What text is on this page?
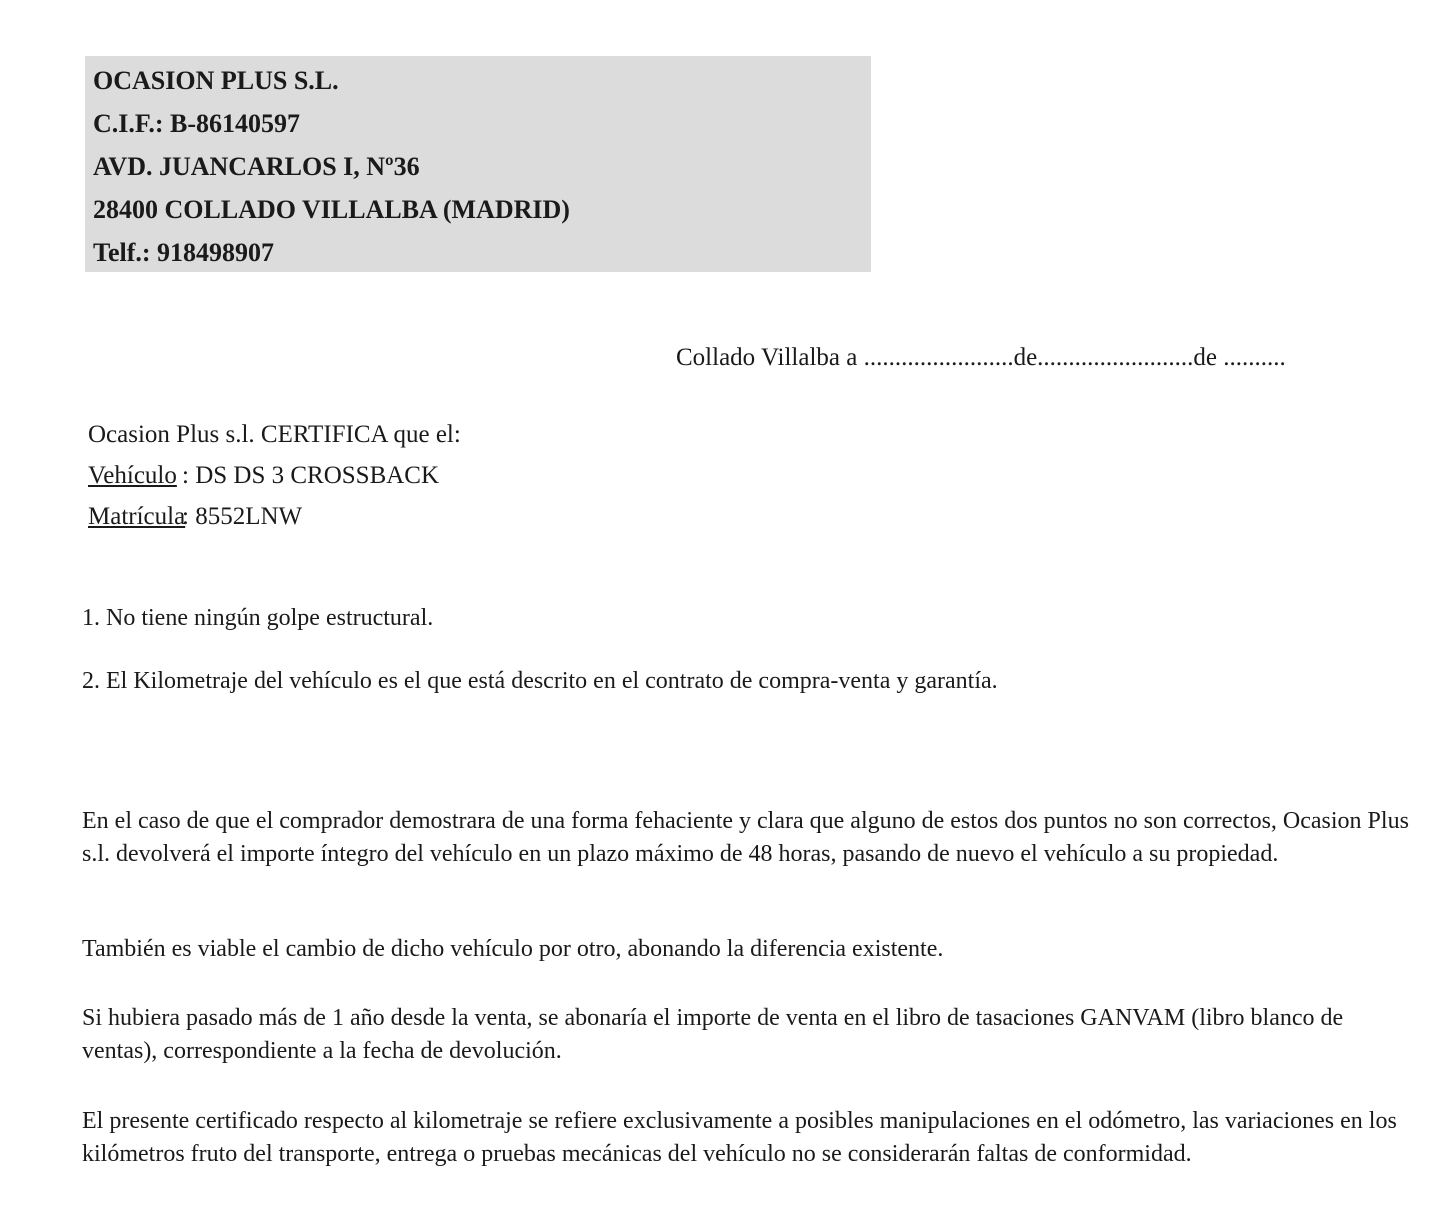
OCASION PLUS S.L.
C.I.F.: B-86140597
AVD. JUANCARLOS I, Nº36
28400 COLLADO VILLALBA (MADRID)
Telf.: 918498907
Collado Villalba a ........................de.........................de ..........
Ocasion Plus s.l. CERTIFICA que el:
Vehículo : DS DS 3 CROSSBACK
Matrícula: 8552LNW
1. No tiene ningún golpe estructural.
2. El Kilometraje del vehículo es el que está descrito en el contrato de compra-venta y garantía.
En el caso de que el comprador demostrara de una forma fehaciente y clara que alguno de estos dos puntos no son correctos, Ocasion Plus s.l. devolverá el importe íntegro del vehículo en un plazo máximo de 48 horas, pasando de nuevo el vehículo a su propiedad.
También es viable el cambio de dicho vehículo por otro, abonando la diferencia existente.
Si hubiera pasado más de 1 año desde la venta, se abonaría el importe de venta en el libro de tasaciones GANVAM (libro blanco de ventas), correspondiente a la fecha de devolución.
El presente certificado respecto al kilometraje se refiere exclusivamente a posibles manipulaciones en el odómetro, las variaciones en los kilómetros fruto del transporte, entrega o pruebas mecánicas del vehículo no se considerarán faltas de conformidad.
